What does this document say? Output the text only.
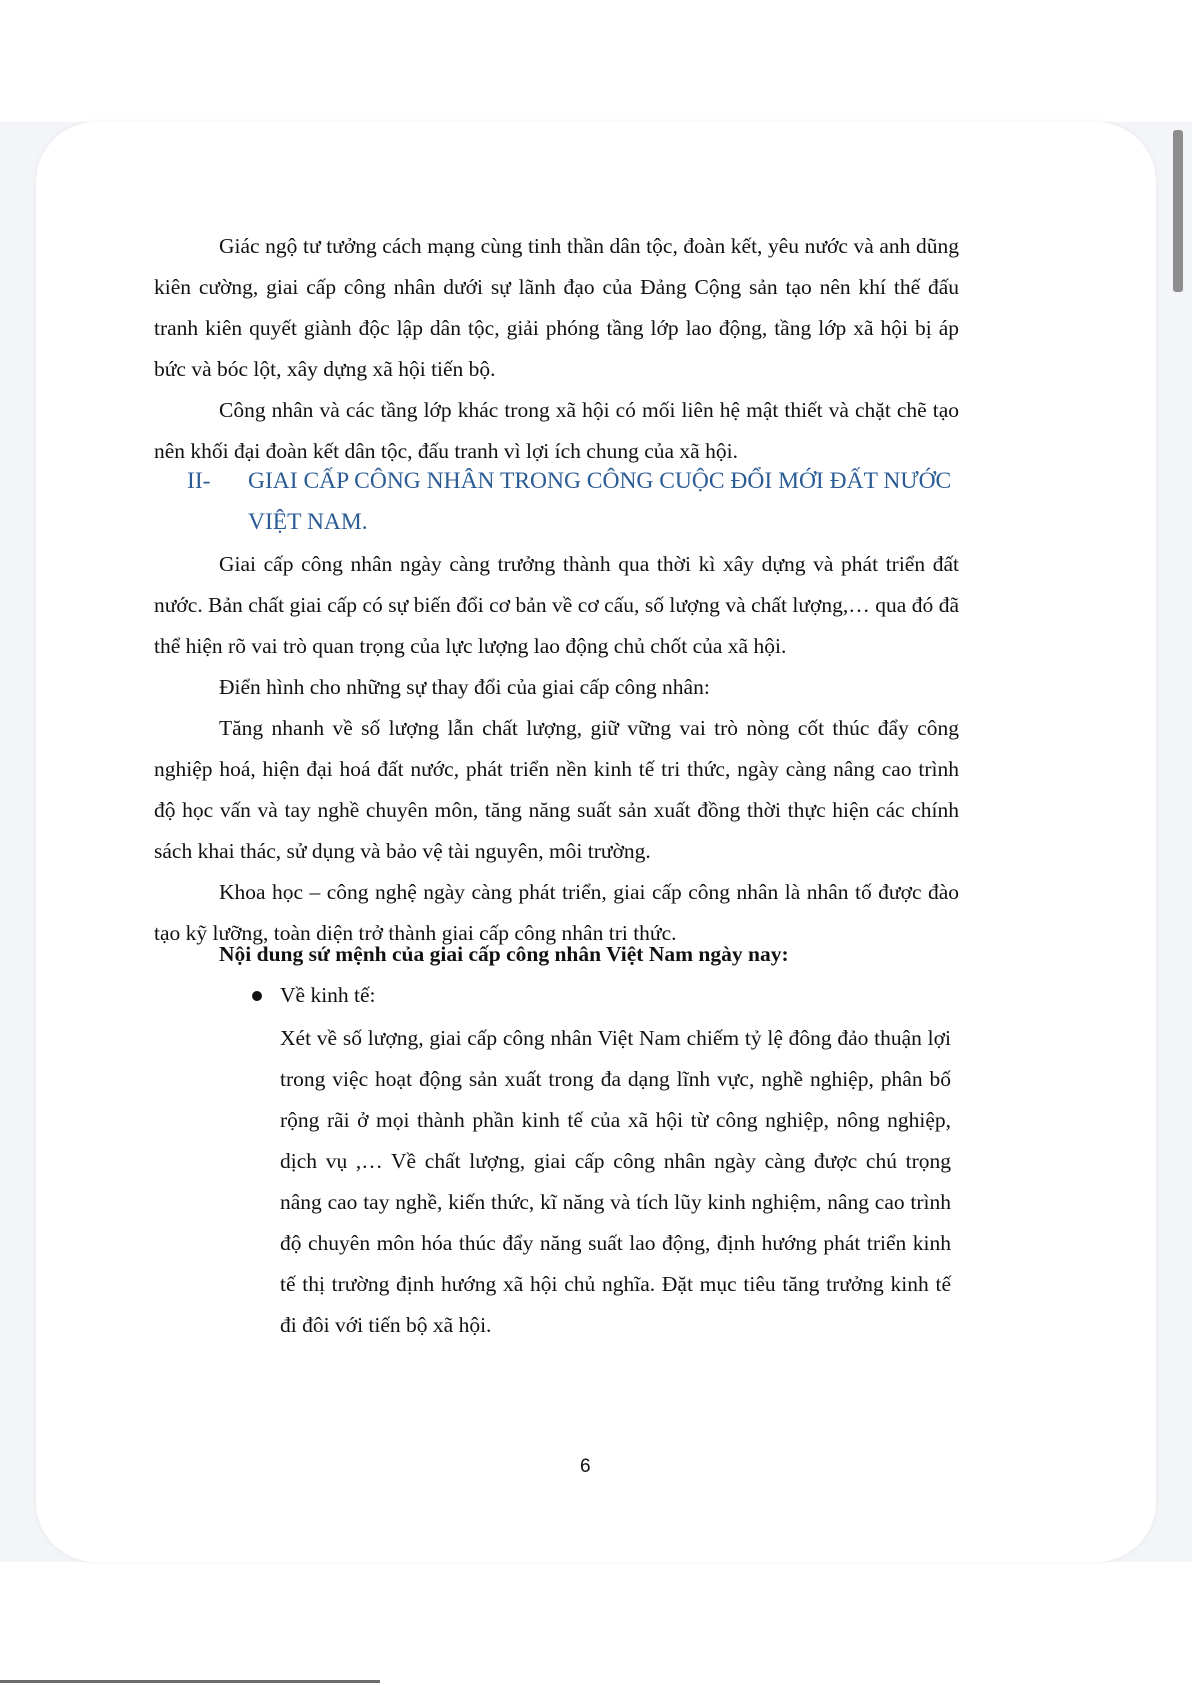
Giác ngộ tư tưởng cách mạng cùng tinh thần dân tộc, đoàn kết, yêu nước và anh dũng kiên cường, giai cấp công nhân dưới sự lãnh đạo của Đảng Cộng sản tạo nên khí thế đấu tranh kiên quyết giành độc lập dân tộc, giải phóng tầng lớp lao động, tầng lớp xã hội bị áp bức và bóc lột, xây dựng xã hội tiến bộ.

Công nhân và các tầng lớp khác trong xã hội có mối liên hệ mật thiết và chặt chẽ tạo nên khối đại đoàn kết dân tộc, đấu tranh vì lợi ích chung của xã hội.

II- GIAI CẤP CÔNG NHÂN TRONG CÔNG CUỘC ĐỔI MỚI ĐẤT NƯỚC
VIỆT NAM.

Giai cấp công nhân ngày càng trưởng thành qua thời kì xây dựng và phát triển đất nước. Bản chất giai cấp có sự biến đổi cơ bản về cơ cấu, số lượng và chất lượng,… qua đó đã thể hiện rõ vai trò quan trọng của lực lượng lao động chủ chốt của xã hội.

Điển hình cho những sự thay đổi của giai cấp công nhân:

Tăng nhanh về số lượng lẫn chất lượng, giữ vững vai trò nòng cốt thúc đẩy công nghiệp hoá, hiện đại hoá đất nước, phát triển nền kinh tế tri thức, ngày càng nâng cao trình độ học vấn và tay nghề chuyên môn, tăng năng suất sản xuất đồng thời thực hiện các chính sách khai thác, sử dụng và bảo vệ tài nguyên, môi trường.

Khoa học – công nghệ ngày càng phát triển, giai cấp công nhân là nhân tố được đào tạo kỹ lưỡng, toàn diện trở thành giai cấp công nhân tri thức.

Nội dung sứ mệnh của giai cấp công nhân Việt Nam ngày nay:

Về kinh tế:

Xét về số lượng, giai cấp công nhân Việt Nam chiếm tỷ lệ đông đảo thuận lợi trong việc hoạt động sản xuất trong đa dạng lĩnh vực, nghề nghiệp, phân bố rộng rãi ở mọi thành phần kinh tế của xã hội từ công nghiệp, nông nghiệp, dịch vụ ,… Về chất lượng, giai cấp công nhân ngày càng được chú trọng nâng cao tay nghề, kiến thức, kĩ năng và tích lũy kinh nghiệm, nâng cao trình độ chuyên môn hóa thúc đẩy năng suất lao động, định hướng phát triển kinh tế thị trường định hướng xã hội chủ nghĩa. Đặt mục tiêu tăng trưởng kinh tế đi đôi với tiến bộ xã hội.

6
